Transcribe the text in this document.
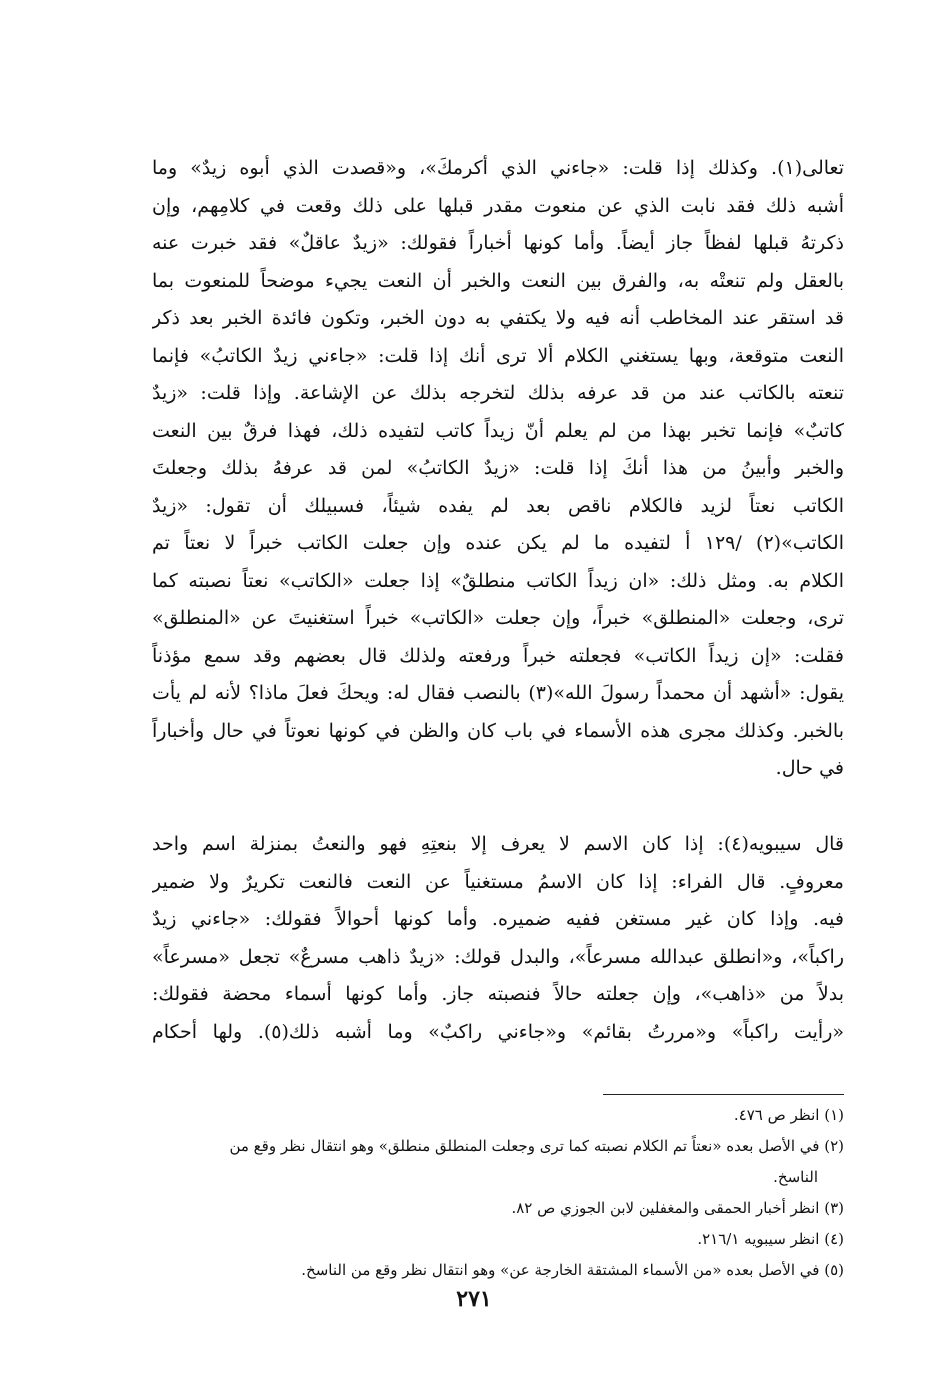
تعالى(١). وكذلك إذا قلت: «جاءني الذي أكرمكَ»، و«قصدت الذي أبوه زيدٌ» وما
أشبه ذلك فقد نابت الذي عن منعوت مقدر قبلها على ذلك وقعت في كلامِهم، وإن
ذكرتهُ قبلها لفظاً جاز أيضاً. وأما كونها أخباراً فقولك: «زيدٌ عاقلٌ» فقد خبرت عنه
بالعقل ولم تنعتْه به، والفرق بين النعت والخبر أن النعت يجيء موضحاً للمنعوت بما
قد استقر عند المخاطب أنه فيه ولا يكتفي به دون الخبر، وتكون فائدة الخبر بعد ذكر
النعت متوقعة، وبها يستغني الكلام ألا ترى أنك إذا قلت: «جاءني زيدٌ الكاتبُ» فإنما
تنعته بالكاتب عند من قد عرفه بذلك لتخرجه بذلك عن الإشاعة. وإذا قلت: «زيدٌ
كاتبٌ» فإنما تخبر بهذا من لم يعلم أنّ زيداً كاتب لتفيده ذلك، فهذا فرقٌ بين النعت
والخبر وأبينُ من هذا أنكَ إذا قلت: «زيدٌ الكاتبُ» لمن قد عرفهُ بذلك وجعلتَ
الكاتب نعتاً لزيد فالكلام ناقص بعد لم يفده شيئاً، فسبيلك أن تقول: «زيدٌ
الكاتب»(٢) /١٢٩ أ لتفيده ما لم يكن عنده وإن جعلت الكاتب خبراً لا نعتاً تم
الكلام به. ومثل ذلك: «ان زيداً الكاتب منطلقٌ» إذا جعلت «الكاتب» نعتاً نصبته كما
ترى، وجعلت «المنطلق» خبراً، وإن جعلت «الكاتب» خبراً استغنيتَ عن «المنطلق»
فقلت: «إن زيداً الكاتب» فجعلته خبراً ورفعته ولذلك قال بعضهم وقد سمع مؤذناً
يقول: «أشهد أن محمداً رسولَ الله»(٣) بالنصب فقال له: ويحكَ فعلَ ماذا؟ لأنه لم يأت
بالخبر. وكذلك مجرى هذه الأسماء في باب كان والظن في كونها نعوتاً في حال وأخباراً
في حال.
قال سيبويه(٤): إذا كان الاسم لا يعرف إلا بنعتِهِ فهو والنعتُ بمنزلة اسم واحد
معروفٍ. قال الفراء: إذا كان الاسمُ مستغنياً عن النعت فالنعت تكريرٌ ولا ضمير
فيه. وإذا كان غير مستغن ففيه ضميره. وأما كونها أحوالاً فقولك: «جاءني زيدٌ
راكباً»، و«انطلق عبدالله مسرعاً»، والبدل قولك: «زيدٌ ذاهب مسرعٌ» تجعل «مسرعاً»
بدلاً من «ذاهب»، وإن جعلته حالاً فنصبته جاز. وأما كونها أسماء محضة فقولك:
«رأيت راكباً» و«مررتُ بقائم» و«جاءني راكبٌ» وما أشبه ذلك(٥). ولها أحكام
(١) انظر ص ٤٧٦.
(٢) في الأصل بعده «نعتاً تم الكلام نصبته كما ترى وجعلت المنطلق منطلق» وهو انتقال نظر وقع من
الناسخ.
(٣) انظر أخبار الحمقى والمغفلين لابن الجوزي ص ٨٢.
(٤) انظر سيبويه ٢١٦/١.
(٥) في الأصل بعده «من الأسماء المشتقة الخارجة عن» وهو انتقال نظر وقع من الناسخ.
٢٧١
